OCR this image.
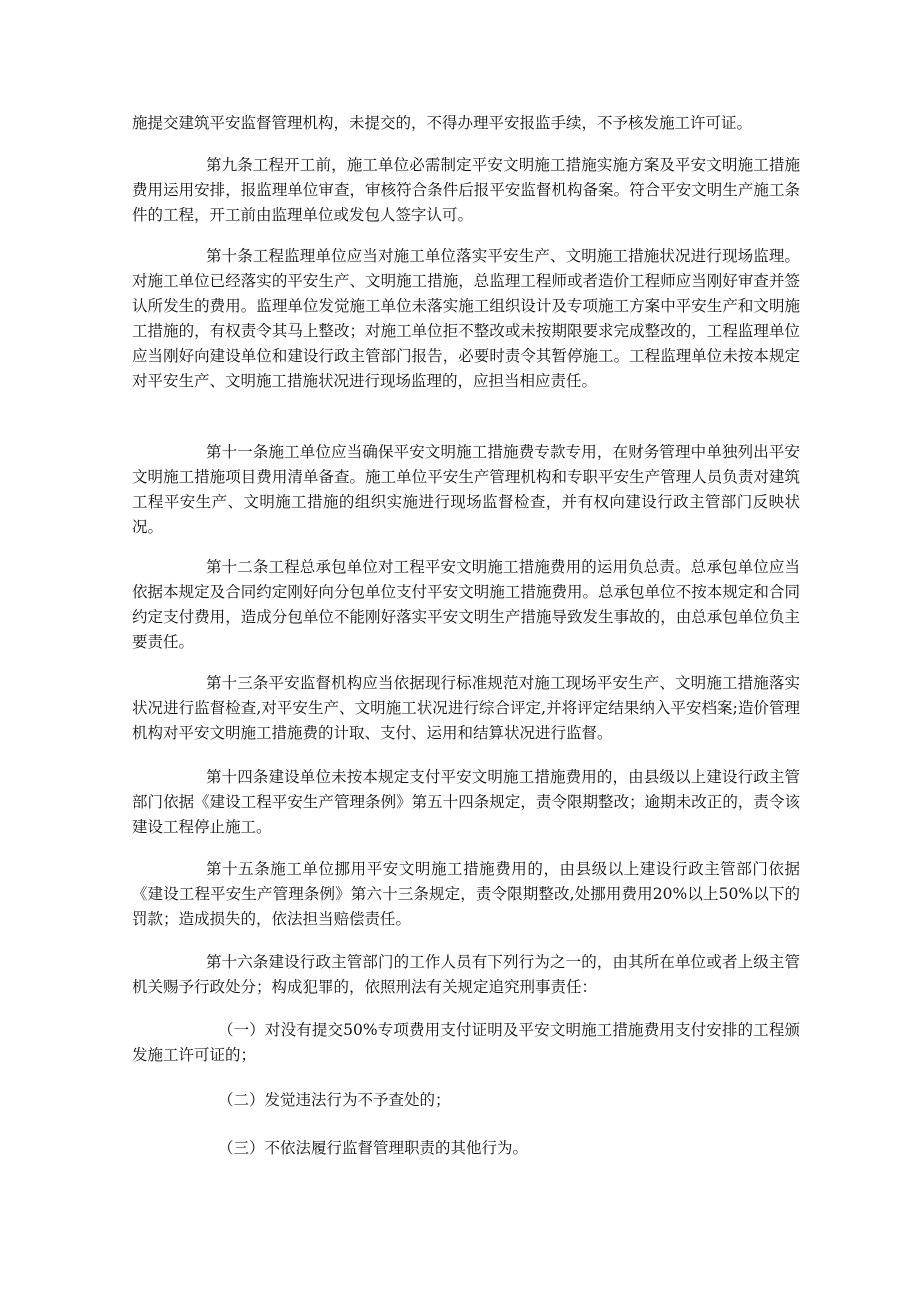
施提交建筑平安监督管理机构，未提交的，不得办理平安报监手续，不予核发施工许可证。

第九条工程开工前，施工单位必需制定平安文明施工措施实施方案及平安文明施工措施费用运用安排，报监理单位审查，审核符合条件后报平安监督机构备案。符合平安文明生产施工条件的工程，开工前由监理单位或发包人签字认可。

第十条工程监理单位应当对施工单位落实平安生产、文明施工措施状况进行现场监理。对施工单位已经落实的平安生产、文明施工措施，总监理工程师或者造价工程师应当刚好审查并签认所发生的费用。监理单位发觉施工单位未落实施工组织设计及专项施工方案中平安生产和文明施工措施的，有权责令其马上整改；对施工单位拒不整改或未按期限要求完成整改的，工程监理单位应当刚好向建设单位和建设行政主管部门报告，必要时责令其暂停施工。工程监理单位未按本规定对平安生产、文明施工措施状况进行现场监理的，应担当相应责任。

第十一条施工单位应当确保平安文明施工措施费专款专用，在财务管理中单独列出平安文明施工措施项目费用清单备查。施工单位平安生产管理机构和专职平安生产管理人员负责对建筑工程平安生产、文明施工措施的组织实施进行现场监督检查，并有权向建设行政主管部门反映状况。

第十二条工程总承包单位对工程平安文明施工措施费用的运用负总责。总承包单位应当依据本规定及合同约定刚好向分包单位支付平安文明施工措施费用。总承包单位不按本规定和合同约定支付费用，造成分包单位不能刚好落实平安文明生产措施导致发生事故的，由总承包单位负主要责任。

第十三条平安监督机构应当依据现行标准规范对施工现场平安生产、文明施工措施落实状况进行监督检查,对平安生产、文明施工状况进行综合评定,并将评定结果纳入平安档案;造价管理机构对平安文明施工措施费的计取、支付、运用和结算状况进行监督。

第十四条建设单位未按本规定支付平安文明施工措施费用的，由县级以上建设行政主管部门依据《建设工程平安生产管理条例》第五十四条规定，责令限期整改；逾期未改正的，责令该建设工程停止施工。

第十五条施工单位挪用平安文明施工措施费用的，由县级以上建设行政主管部门依据《建设工程平安生产管理条例》第六十三条规定，责令限期整改,处挪用费用20%以上50%以下的罚款；造成损失的，依法担当赔偿责任。

第十六条建设行政主管部门的工作人员有下列行为之一的，由其所在单位或者上级主管机关赐予行政处分；构成犯罪的，依照刑法有关规定追究刑事责任：

（一）对没有提交50%专项费用支付证明及平安文明施工措施费用支付安排的工程颁发施工许可证的；

（二）发觉违法行为不予查处的；

（三）不依法履行监督管理职责的其他行为。
